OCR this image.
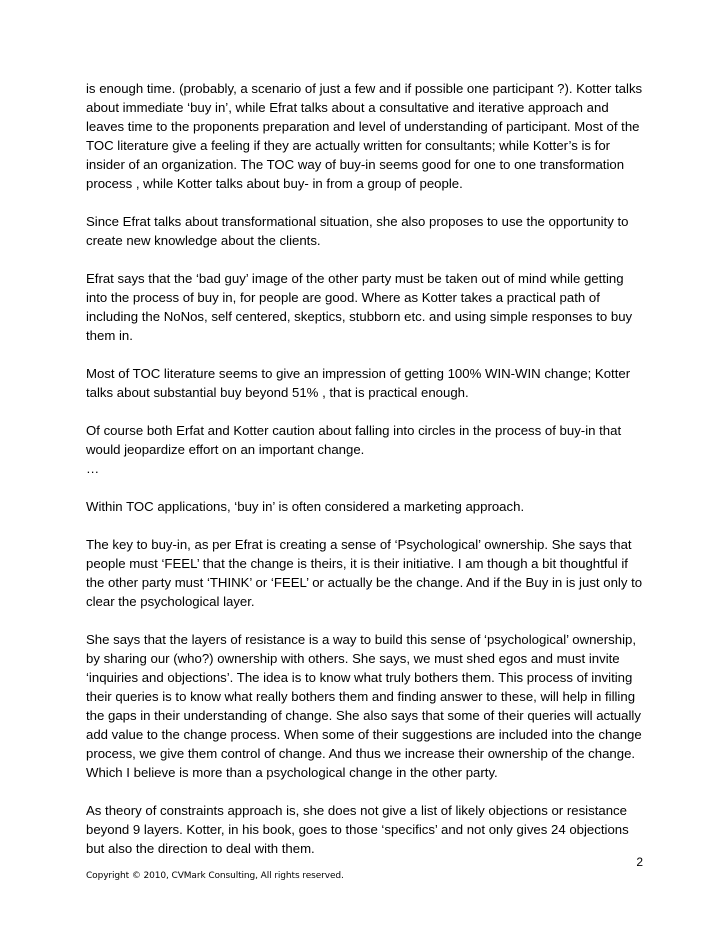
is enough time. (probably, a scenario of just a few and if possible one participant ?). Kotter talks
about immediate ‘buy in’, while Efrat talks about a consultative and iterative approach and
leaves time to the proponents preparation and level of understanding of participant. Most of the
TOC literature give a feeling if they are actually written for consultants; while Kotter’s is for
insider of an organization. The TOC way of buy-in seems good for one to one transformation
process , while Kotter talks about buy- in from a group of people.

Since Efrat talks about transformational situation, she also proposes to use the opportunity to
create new knowledge about the clients.

Efrat says that the ‘bad guy’ image of the other party must be taken out of mind while getting
into the process of buy in, for people are good. Where as Kotter takes a practical path of
including the NoNos, self centered, skeptics, stubborn etc. and using simple responses to buy
them in.

Most of TOC literature seems to give an impression of getting 100% WIN-WIN change; Kotter
talks about substantial buy beyond 51% , that is practical enough.

Of course both Erfat and Kotter caution about falling into circles in the process of buy-in that
would jeopardize effort on an important change.

…

Within TOC applications, ‘buy in’ is often considered a marketing approach.

The key to buy-in, as per Efrat is creating a sense of ‘Psychological’ ownership. She says that
people must ‘FEEL’ that the change is theirs, it is their initiative. I am though a bit thoughtful if
the other party must ‘THINK’ or ‘FEEL’ or actually be the change. And if the Buy in is just only to
clear the psychological layer.

She says that the layers of resistance is a way to build this sense of ‘psychological’ ownership,
by sharing our (who?) ownership with others. She says, we must shed egos and must invite
‘inquiries and objections’. The idea is to know what truly bothers them. This process of inviting
their queries is to know what really bothers them and finding answer to these, will help in filling
the gaps in their understanding of change. She also says that some of their queries will actually
add value to the change process. When some of their suggestions are included into the change
process, we give them control of change. And thus we increase their ownership of the change.
Which I believe is more than a psychological change in the other party.

As theory of constraints approach is, she does not give a list of likely objections or resistance
beyond 9 layers. Kotter, in his book, goes to those ‘specifics’ and not only gives 24 objections
but also the direction to deal with them.

2
Copyright © 2010, CVMark Consulting, All rights reserved.
